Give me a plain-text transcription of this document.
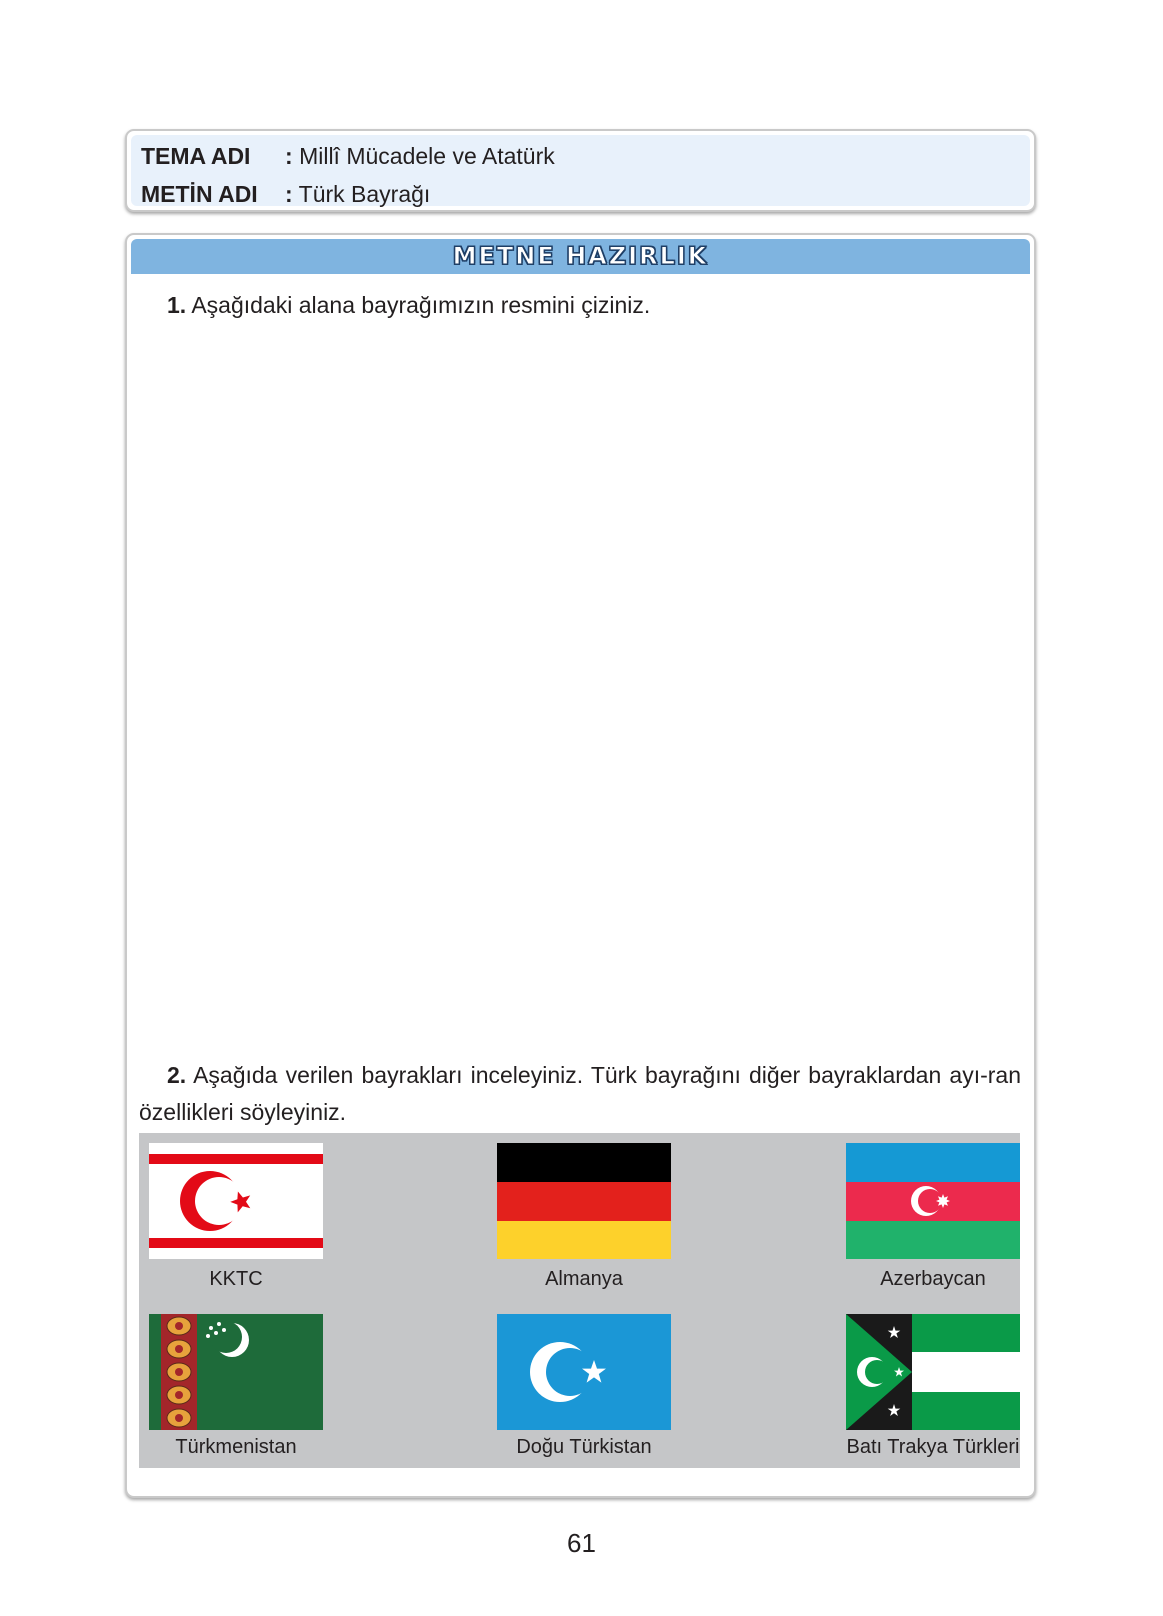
TEMA ADI : Millî Mücadele ve Atatürk
METİN ADI : Türk Bayrağı
METNE HAZIRLIK
1. Aşağıdaki alana bayrağımızın resmini çiziniz.
2. Aşağıda verilen bayrakları inceleyiniz. Türk bayrağını diğer bayraklardan ayı-ran özellikleri söyleyiniz.
KKTC	Almanya	Azerbaycan
Türkmenistan	Doğu Türkistan	Batı Trakya Türkleri
61
